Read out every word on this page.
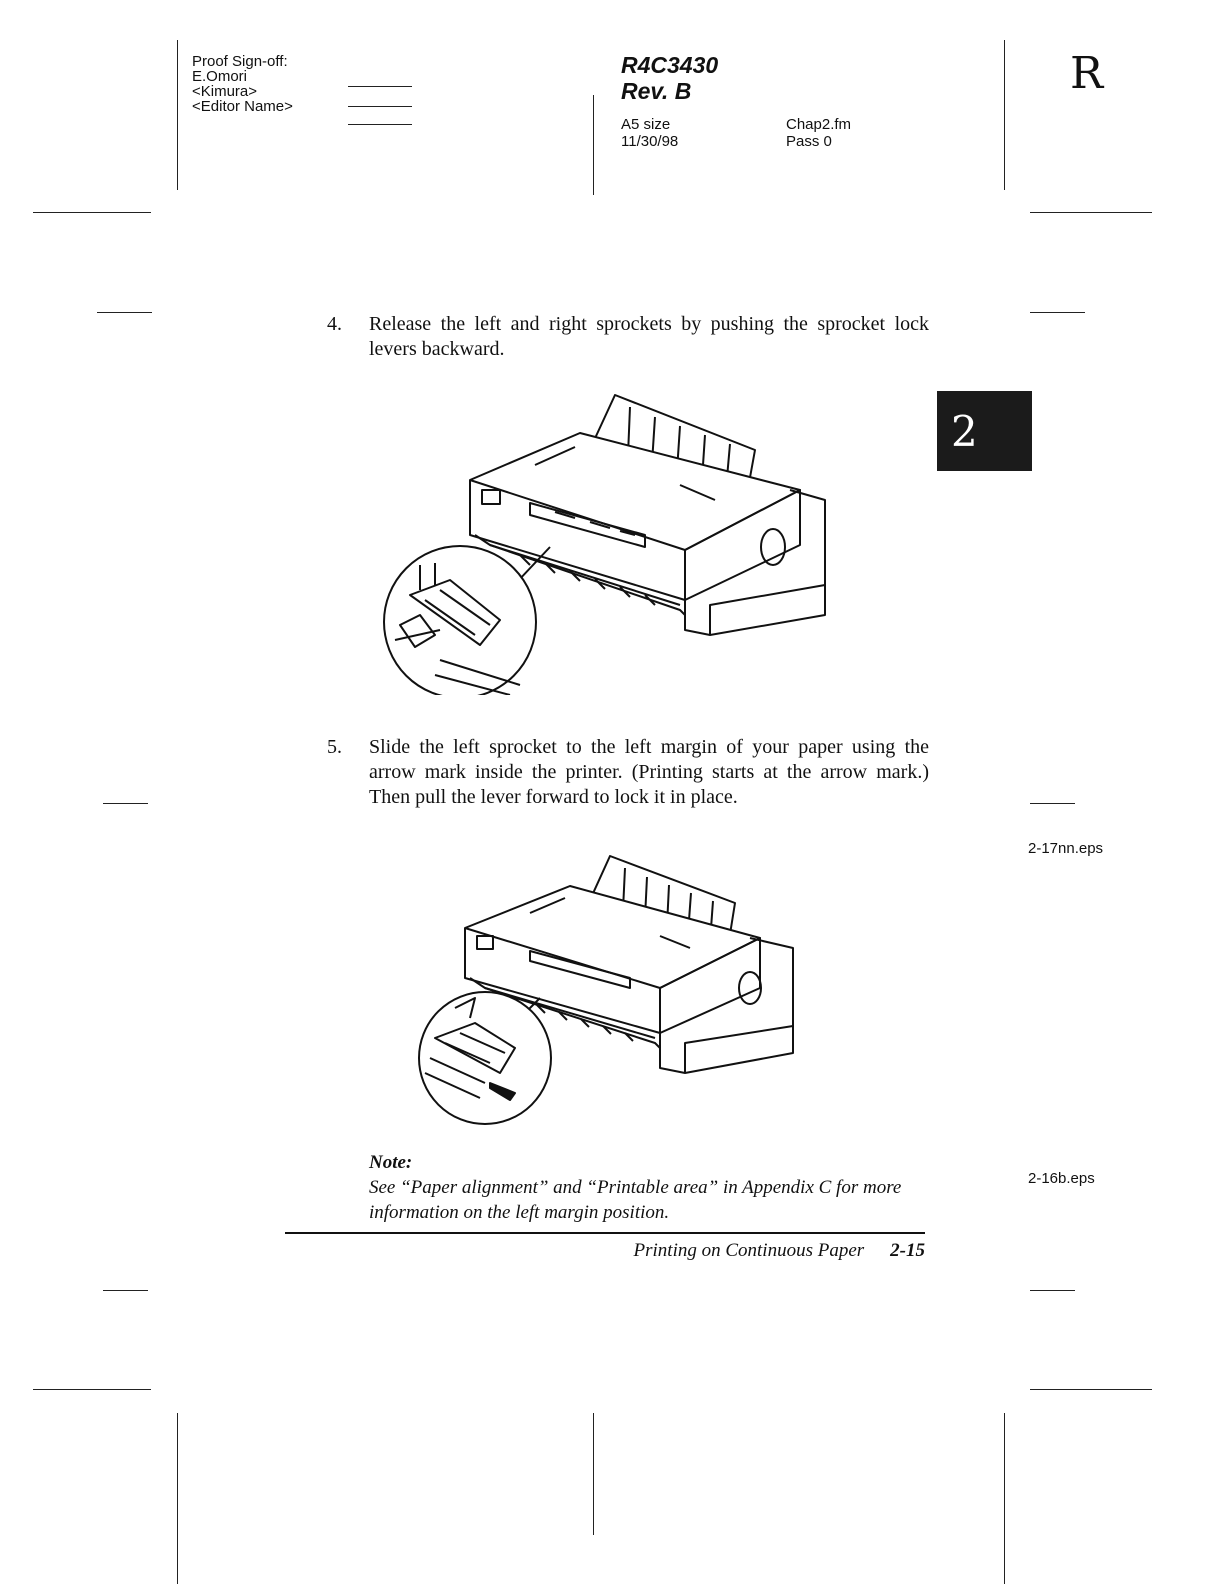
Proof Sign-off:
E.Omori
<Kimura>
<Editor Name>
R4C3430
Rev. B
A5 size
11/30/98
Chap2.fm
Pass 0
R
2
4. Release the left and right sprockets by pushing the sprocket lock levers backward.
5. Slide the left sprocket to the left margin of your paper using the arrow mark inside the printer. (Printing starts at the arrow mark.) Then pull the lever forward to lock it in place.
2-17nn.eps
Note:
See “Paper alignment” and “Printable area” in Appendix C for more information on the left margin position.
2-16b.eps
Printing on Continuous Paper 2-15
